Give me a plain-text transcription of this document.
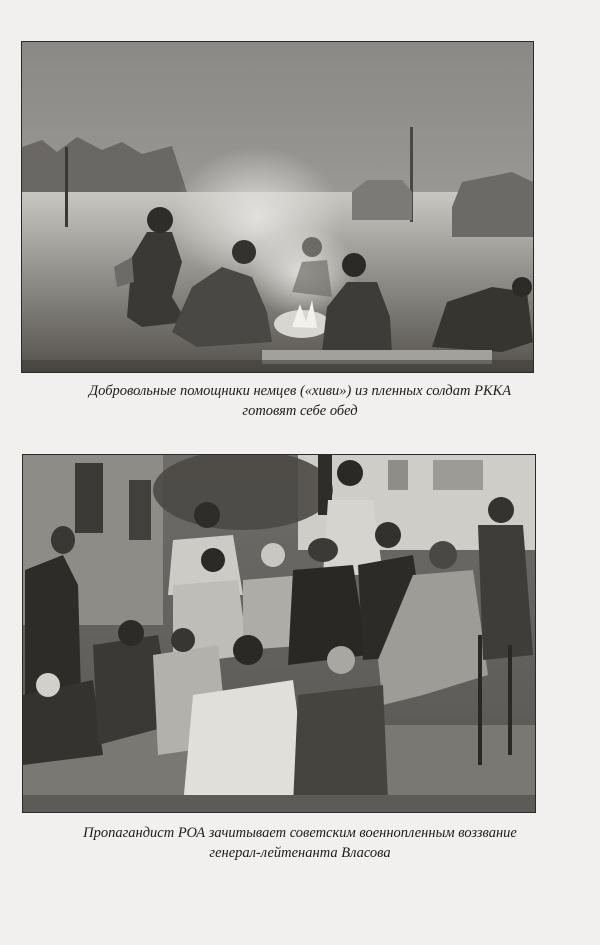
Добровольные помощники немцев («хиви») из пленных солдат РККА
готовят себе обед
Пропагандист РОА зачитывает советским военнопленным воззвание
генерал-лейтенанта Власова
